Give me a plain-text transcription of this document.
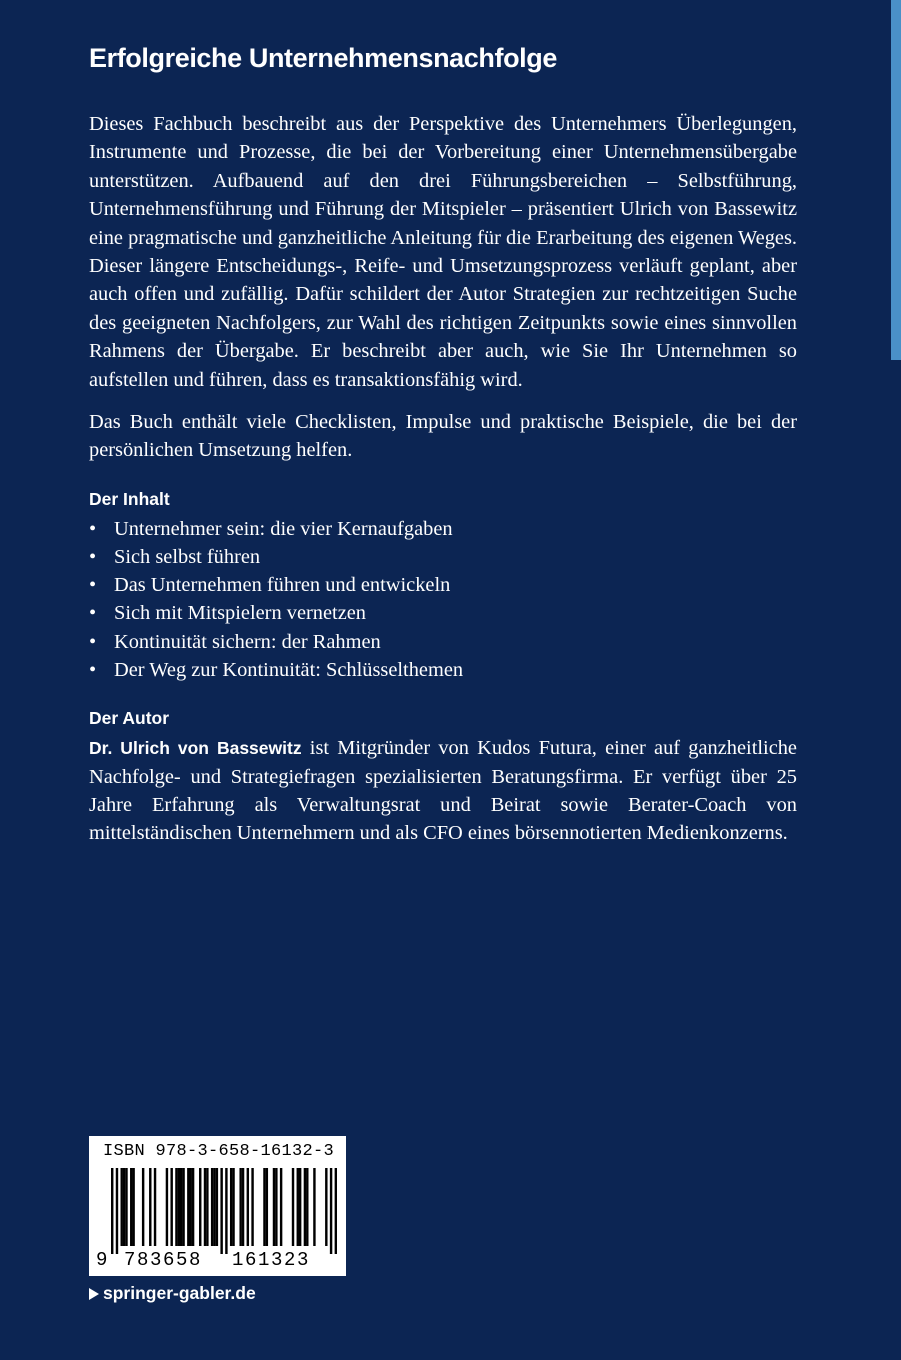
Erfolgreiche Unternehmensnachfolge

Dieses Fachbuch beschreibt aus der Perspektive des Unternehmers Überlegungen, Instrumente und Prozesse, die bei der Vorbereitung einer Unternehmensübergabe unterstützen. Aufbauend auf den drei Führungsbereichen – Selbstführung, Unternehmensführung und Führung der Mitspieler – präsentiert Ulrich von Bassewitz eine pragmatische und ganzheitliche Anleitung für die Erarbeitung des eigenen Weges. Dieser längere Entscheidungs-, Reife- und Umsetzungsprozess verläuft geplant, aber auch offen und zufällig. Dafür schildert der Autor Strategien zur rechtzeitigen Suche des geeigneten Nachfolgers, zur Wahl des richtigen Zeitpunkts sowie eines sinnvollen Rahmens der Übergabe. Er beschreibt aber auch, wie Sie Ihr Unternehmen so aufstellen und führen, dass es transaktionsfähig wird.

Das Buch enthält viele Checklisten, Impulse und praktische Beispiele, die bei der persönlichen Umsetzung helfen.

Der Inhalt
• Unternehmer sein: die vier Kernaufgaben
• Sich selbst führen
• Das Unternehmen führen und entwickeln
• Sich mit Mitspielern vernetzen
• Kontinuität sichern: der Rahmen
• Der Weg zur Kontinuität: Schlüsselthemen
Der Autor

Dr. Ulrich von Bassewitz ist Mitgründer von Kudos Futura, einer auf ganzheitliche Nachfolge- und Strategiefragen spezialisierten Beratungsfirma. Er verfügt über 25 Jahre Erfahrung als Verwaltungsrat und Beirat sowie Berater-Coach von mittelständischen Unternehmern und als CFO eines börsennotierten Medienkonzerns.

ISBN 978-3-658-16132-3
9 783658 161323
springer-gabler.de
